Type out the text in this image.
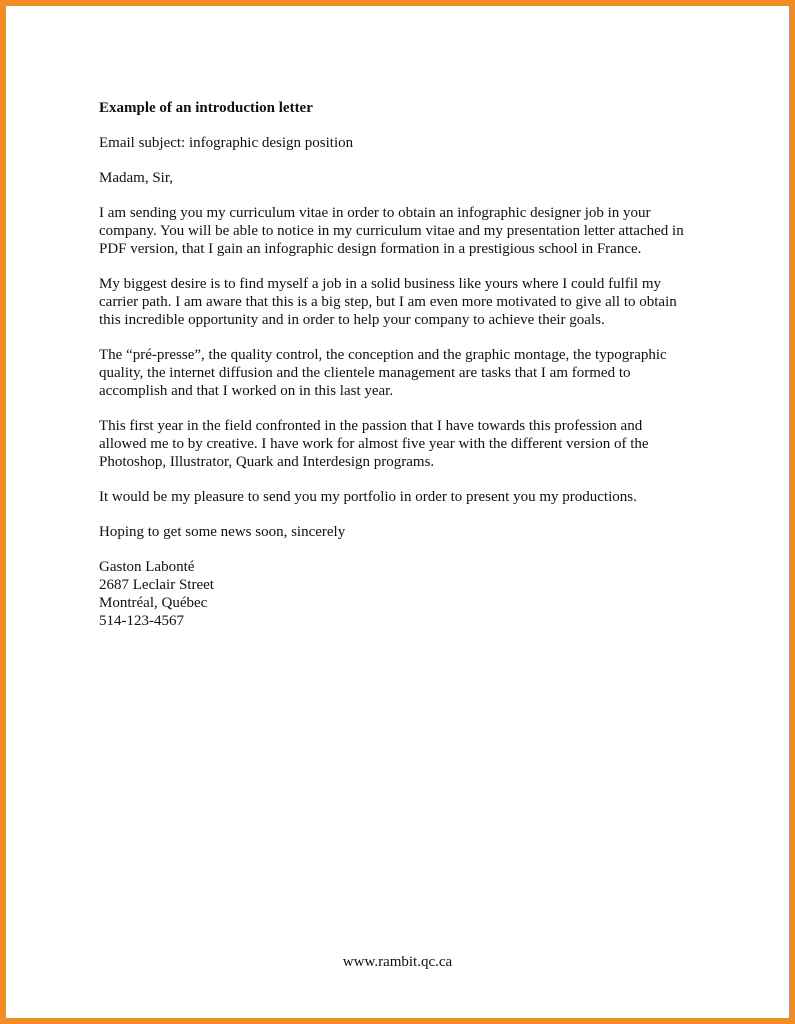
Example of an introduction letter
Email subject: infographic design position
Madam, Sir,
I am sending you my curriculum vitae in order to obtain an infographic designer job in your
company. You will be able to notice in my curriculum vitae and my presentation letter attached in
PDF version, that I gain an infographic design formation in a prestigious school in France.
My biggest desire is to find myself a job in a solid business like yours where I could fulfil my
carrier path. I am aware that this is a big step, but I am even more motivated to give all to obtain
this incredible opportunity and in order to help your company to achieve their goals.
The “pré-presse”, the quality control, the conception and the graphic montage, the typographic
quality, the internet diffusion and the clientele management are tasks that I am formed to
accomplish and that I worked on in this last year.
This first year in the field confronted in the passion that I have towards this profession and
allowed me to by creative. I have work for almost five year with the different version of the
Photoshop, Illustrator, Quark and Interdesign programs.
It would be my pleasure to send you my portfolio in order to present you my productions.
Hoping to get some news soon, sincerely
Gaston Labonté
2687 Leclair Street
Montréal, Québec
514-123-4567
www.rambit.qc.ca
